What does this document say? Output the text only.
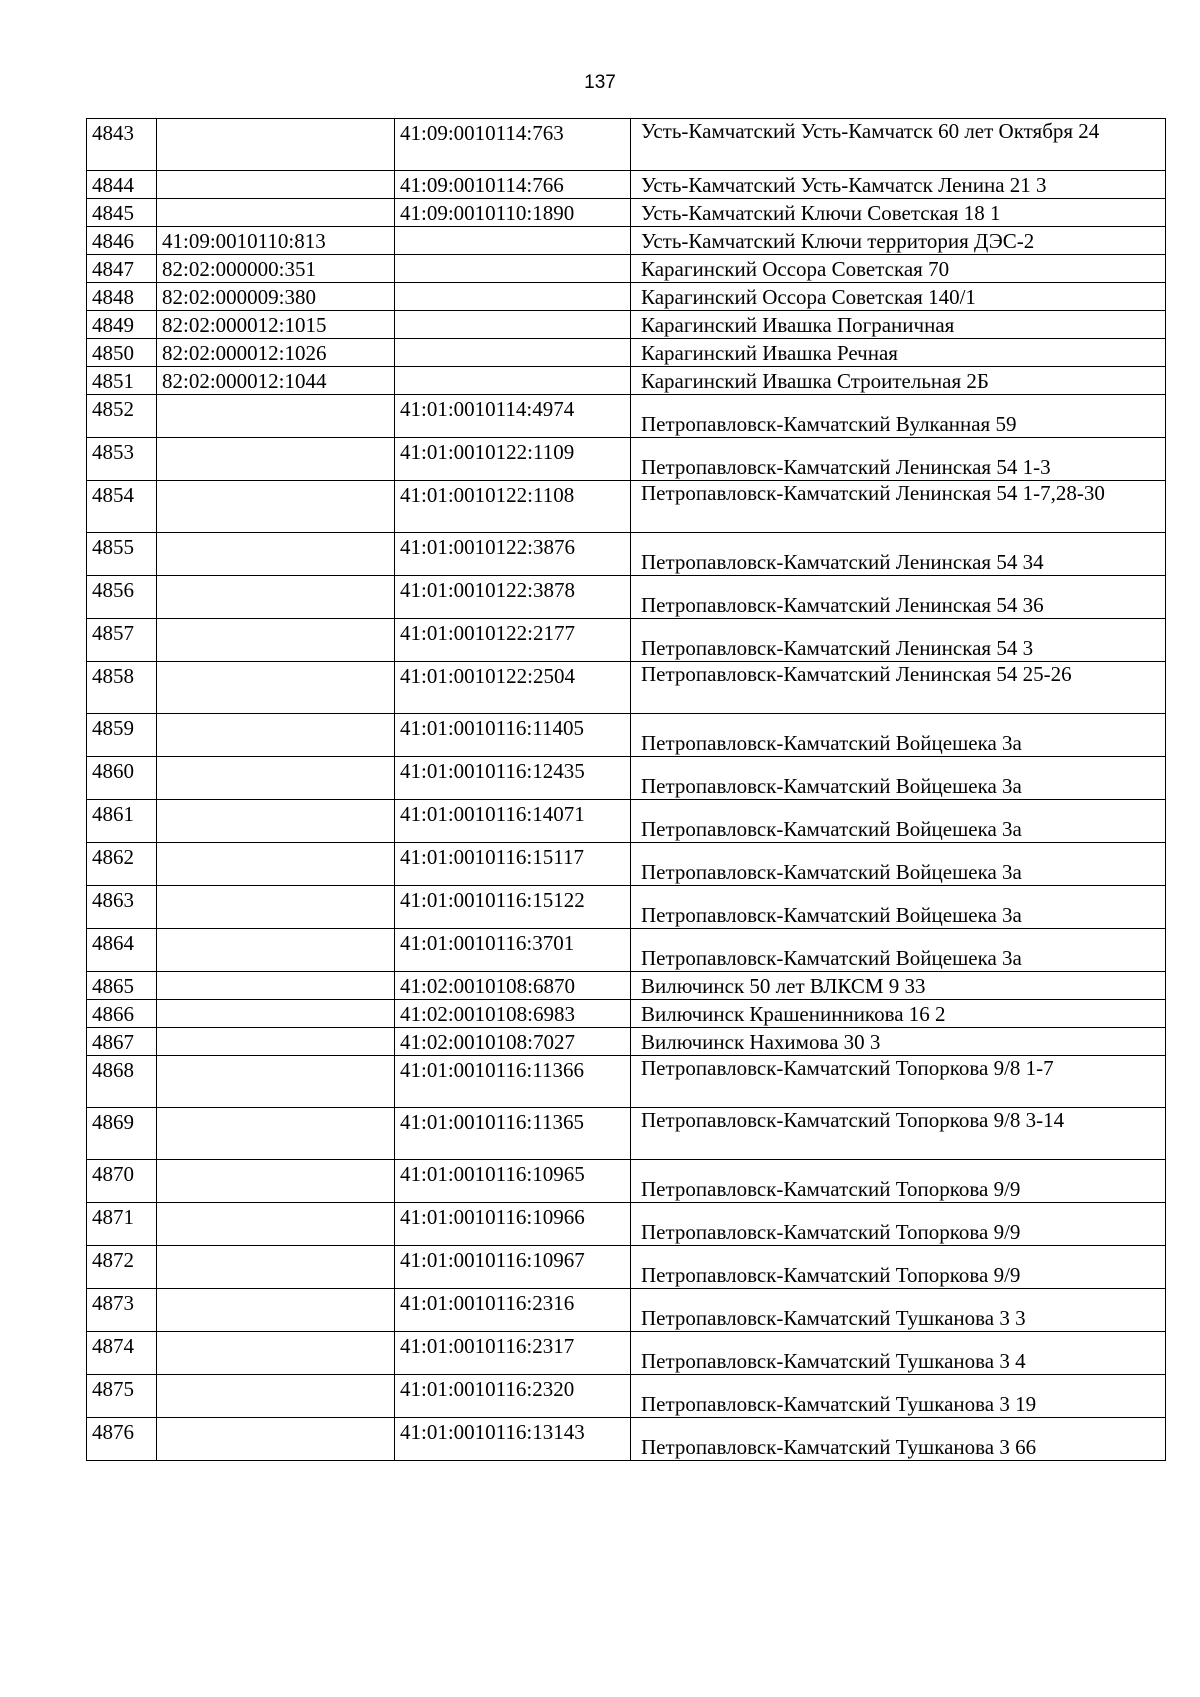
137
4843		41:09:0010114:763	Усть-Камчатский Усть-Камчатск 60 лет Октября 24
4844		41:09:0010114:766	Усть-Камчатский Усть-Камчатск Ленина 21 3
4845		41:09:0010110:1890	Усть-Камчатский Ключи Советская 18 1
4846	41:09:0010110:813		Усть-Камчатский Ключи территория ДЭС-2
4847	82:02:000000:351		Карагинский Оссора Советская 70
4848	82:02:000009:380		Карагинский Оссора Советская 140/1
4849	82:02:000012:1015		Карагинский Ивашка Пограничная
4850	82:02:000012:1026		Карагинский Ивашка Речная
4851	82:02:000012:1044		Карагинский Ивашка Строительная 2Б
4852		41:01:0010114:4974	Петропавловск-Камчатский Вулканная 59
4853		41:01:0010122:1109	Петропавловск-Камчатский Ленинская 54 1-3
4854		41:01:0010122:1108	Петропавловск-Камчатский Ленинская 54 1-7,28-30
4855		41:01:0010122:3876	Петропавловск-Камчатский Ленинская 54 34
4856		41:01:0010122:3878	Петропавловск-Камчатский Ленинская 54 36
4857		41:01:0010122:2177	Петропавловск-Камчатский Ленинская 54 3
4858		41:01:0010122:2504	Петропавловск-Камчатский Ленинская 54 25-26
4859		41:01:0010116:11405	Петропавловск-Камчатский Войцешека 3а
4860		41:01:0010116:12435	Петропавловск-Камчатский Войцешека 3а
4861		41:01:0010116:14071	Петропавловск-Камчатский Войцешека 3а
4862		41:01:0010116:15117	Петропавловск-Камчатский Войцешека 3а
4863		41:01:0010116:15122	Петропавловск-Камчатский Войцешека 3а
4864		41:01:0010116:3701	Петропавловск-Камчатский Войцешека 3а
4865		41:02:0010108:6870	Вилючинск 50 лет ВЛКСМ 9 33
4866		41:02:0010108:6983	Вилючинск Крашенинникова 16 2
4867		41:02:0010108:7027	Вилючинск Нахимова 30 3
4868		41:01:0010116:11366	Петропавловск-Камчатский Топоркова 9/8 1-7
4869		41:01:0010116:11365	Петропавловск-Камчатский Топоркова 9/8 3-14
4870		41:01:0010116:10965	Петропавловск-Камчатский Топоркова 9/9
4871		41:01:0010116:10966	Петропавловск-Камчатский Топоркова 9/9
4872		41:01:0010116:10967	Петропавловск-Камчатский Топоркова 9/9
4873		41:01:0010116:2316	Петропавловск-Камчатский Тушканова 3 3
4874		41:01:0010116:2317	Петропавловск-Камчатский Тушканова 3 4
4875		41:01:0010116:2320	Петропавловск-Камчатский Тушканова 3 19
4876		41:01:0010116:13143	Петропавловск-Камчатский Тушканова 3 66
